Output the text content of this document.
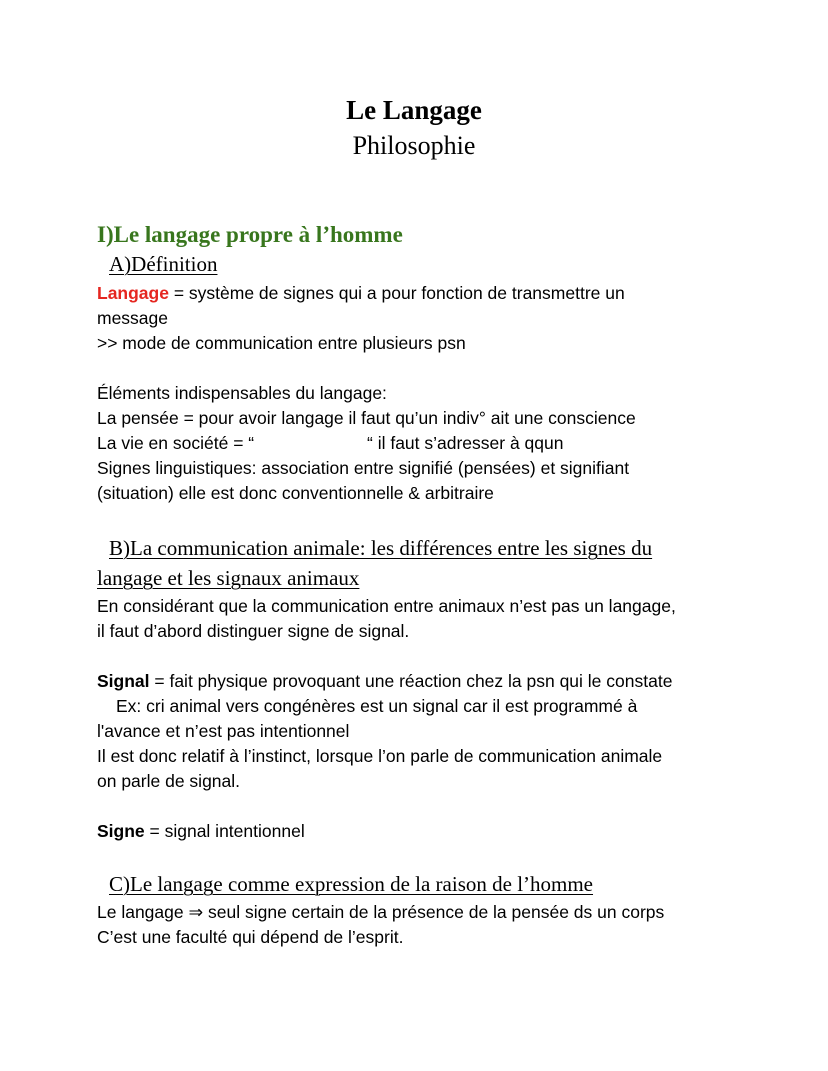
Le Langage
Philosophie
I)Le langage propre à l’homme
A)Définition
Langage = système de signes qui a pour fonction de transmettre un
message
>> mode de communication entre plusieurs psn
Éléments indispensables du langage:
La pensée = pour avoir langage il faut qu’un indiv° ait une conscience
La vie en société = “	“ il faut s’adresser à qqun
Signes linguistiques: association entre signifié (pensées) et signifiant
(situation) elle est donc conventionnelle & arbitraire
B)La communication animale: les différences entre les signes du
langage et les signaux animaux
En considérant que la communication entre animaux n’est pas un langage,
il faut d’abord distinguer signe de signal.
Signal = fait physique provoquant une réaction chez la psn qui le constate
Ex: cri animal vers congénères est un signal car il est programmé à
l'avance et n’est pas intentionnel
Il est donc relatif à l’instinct, lorsque l’on parle de communication animale
on parle de signal.
Signe = signal intentionnel
C)Le langage comme expression de la raison de l’homme
Le langage ⇒ seul signe certain de la présence de la pensée ds un corps
C’est une faculté qui dépend de l’esprit.
